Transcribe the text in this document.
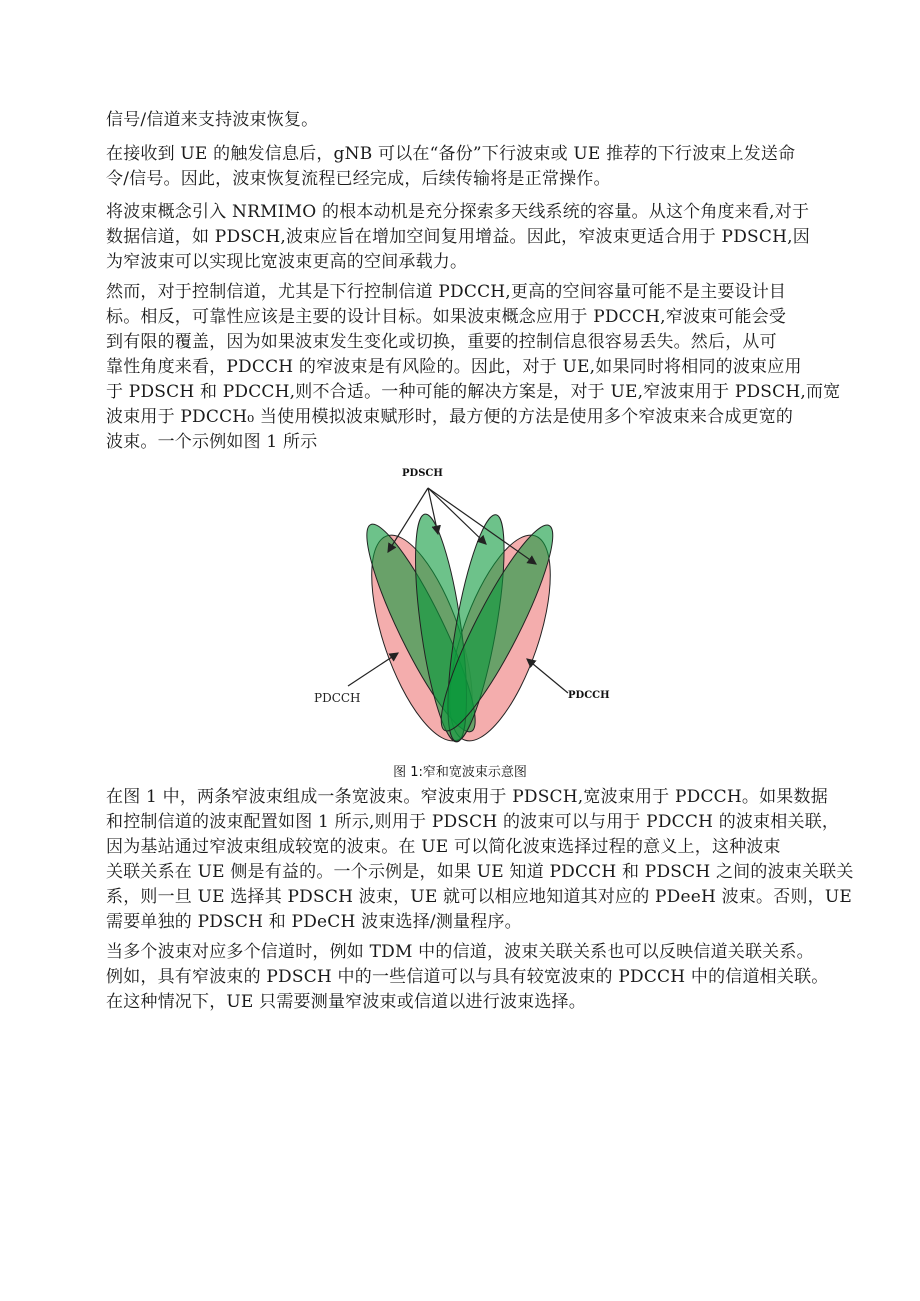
信号/信道来支持波束恢复。

在接收到 UE 的触发信息后，gNB 可以在“备份”下行波束或 UE 推荐的下行波束上发送命
令/信号。因此，波束恢复流程已经完成，后续传输将是正常操作。

将波束概念引入 NRMIMO 的根本动机是充分探索多天线系统的容量。从这个角度来看,对于
数据信道，如 PDSCH,波束应旨在增加空间复用增益。因此，窄波束更适合用于 PDSCH,因
为窄波束可以实现比宽波束更高的空间承载力。

然而，对于控制信道，尤其是下行控制信道 PDCCH,更高的空间容量可能不是主要设计目
标。相反，可靠性应该是主要的设计目标。如果波束概念应用于 PDCCH,窄波束可能会受
到有限的覆盖，因为如果波束发生变化或切换，重要的控制信息很容易丢失。然后，从可
靠性角度来看，PDCCH 的窄波束是有风险的。因此，对于 UE,如果同时将相同的波束应用
于 PDSCH 和 PDCCH,则不合适。一种可能的解决方案是，对于 UE,窄波束用于 PDSCH,而宽
波束用于 PDCCH₀ 当使用模拟波束赋形时，最方便的方法是使用多个窄波束来合成更宽的
波束。一个示例如图 1 所示

PDSCH
PDCCH	PDCCH
图 1:窄和宽波束示意图

在图 1 中，两条窄波束组成一条宽波束。窄波束用于 PDSCH,宽波束用于 PDCCH。如果数据
和控制信道的波束配置如图 1 所示,则用于 PDSCH 的波束可以与用于 PDCCH 的波束相关联，
因为基站通过窄波束组成较宽的波束。在 UE 可以简化波束选择过程的意义上，这种波束
关联关系在 UE 侧是有益的。一个示例是，如果 UE 知道 PDCCH 和 PDSCH 之间的波束关联关
系，则一旦 UE 选择其 PDSCH 波束，UE 就可以相应地知道其对应的 PDeeH 波束。否则，UE
需要单独的 PDSCH 和 PDeCH 波束选择/测量程序。

当多个波束对应多个信道时，例如 TDM 中的信道，波束关联关系也可以反映信道关联关系。
例如，具有窄波束的 PDSCH 中的一些信道可以与具有较宽波束的 PDCCH 中的信道相关联。
在这种情况下，UE 只需要测量窄波束或信道以进行波束选择。
